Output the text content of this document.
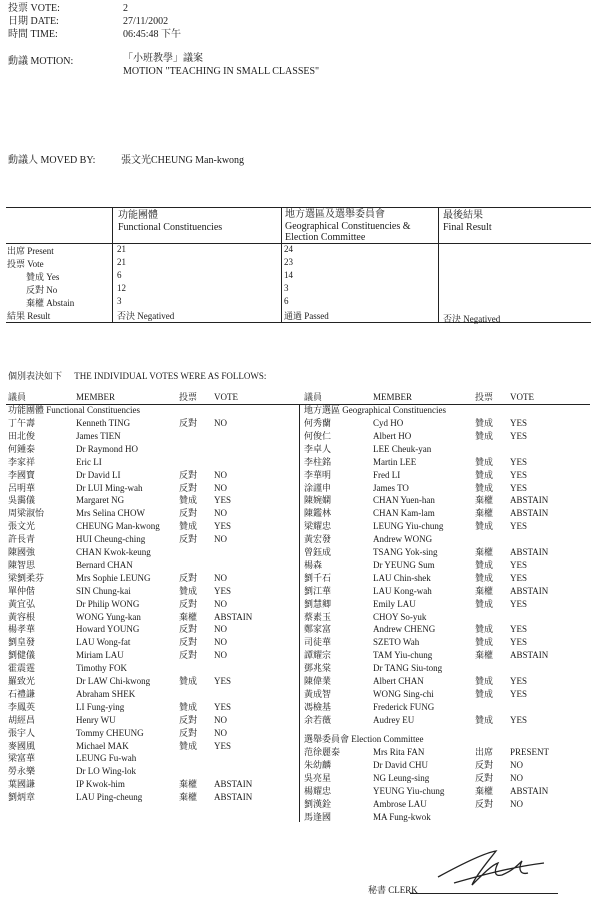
投票 VOTE:	2
日期 DATE:	27/11/2002
時間 TIME:	06:45:48 下午
動議 MOTION:	「小班教學」議案
MOTION "TEACHING IN SMALL CLASSES"
動議人 MOVED BY:	張文光CHEUNG Man-kwong
功能團體
Functional Constituencies
地方選區及選舉委員會
Geographical Constituencies &
Election Committee
最後結果
Final Result
出席 Present	21	24
投票 Vote	21	23
贊成 Yes	6	14
反對 No	12	3
棄權 Abstain	3	6
結果 Result	否決 Negatived	通過 Passed	否決 Negatived
個別表決如下 THE INDIVIDUAL VOTES WERE AS FOLLOWS:
議員	MEMBER	投票 VOTE	議員	MEMBER	投票 VOTE
功能團體 Functional Constituencies	地方選區 Geographical Constituencies
選舉委員會 Election Committee
丁午壽	Kenneth TING	反對 NO
田北俊	James TIEN
何鍾泰	Dr Raymond HO
李家祥	Eric LI
李國寶	Dr David LI	反對 NO
呂明華	Dr LUI Ming-wah	反對 NO
吳靄儀	Margaret NG	贊成 YES
周梁淑怡	Mrs Selina CHOW	反對 NO
張文光	CHEUNG Man-kwong 贊成 YES
許長青	HUI Cheung-ching	反對 NO
陳國強	CHAN Kwok-keung
陳智思	Bernard CHAN
梁劉柔芬	Mrs Sophie LEUNG	反對 NO
單仲偕	SIN Chung-kai	贊成 YES
黃宜弘	Dr Philip WONG	反對 NO
黃容根	WONG Yung-kan	棄權 ABSTAIN
楊孝華	Howard YOUNG	反對 NO
劉皇發	LAU Wong-fat	反對 NO
劉健儀	Miriam LAU	反對 NO
霍震霆	Timothy FOK
羅致光	Dr LAW Chi-kwong	贊成 YES
石禮謙	Abraham SHEK
李鳳英	LI Fung-ying	贊成 YES
胡經昌	Henry WU	反對 NO
張宇人	Tommy CHEUNG	反對 NO
麥國風	Michael MAK	贊成 YES
梁富華	LEUNG Fu-wah
勞永樂	Dr LO Wing-lok
葉國謙	IP Kwok-him	棄權 ABSTAIN
劉炳章	LAU Ping-cheung	棄權 ABSTAIN
何秀蘭	Cyd HO	贊成 YES
何俊仁	Albert HO	贊成 YES
李卓人	LEE Cheuk-yan
李柱銘	Martin LEE	贊成 YES
李華明	Fred LI	贊成 YES
涂謹申	James TO	贊成 YES
陳婉嫻	CHAN Yuen-han	棄權 ABSTAIN
陳鑑林	CHAN Kam-lam	棄權 ABSTAIN
梁耀忠	LEUNG Yiu-chung	贊成 YES
黃宏發	Andrew WONG
曾鈺成	TSANG Yok-sing	棄權 ABSTAIN
楊森	Dr YEUNG Sum	贊成 YES
劉千石	LAU Chin-shek	贊成 YES
劉江華	LAU Kong-wah	棄權 ABSTAIN
劉慧卿	Emily LAU	贊成 YES
蔡素玉	CHOY So-yuk
鄭家富	Andrew CHENG	贊成 YES
司徒華	SZETO Wah	贊成 YES
譚耀宗	TAM Yiu-chung	棄權 ABSTAIN
鄧兆棠	Dr TANG Siu-tong
陳偉業	Albert CHAN	贊成 YES
黃成智	WONG Sing-chi	贊成 YES
馮檢基	Frederick FUNG
余若薇	Audrey EU	贊成 YES
范徐麗泰	Mrs Rita FAN	出席 PRESENT
朱幼麟	Dr David CHU	反對 NO
吳亮星	NG Leung-sing	反對 NO
楊耀忠	YEUNG Yiu-chung	棄權 ABSTAIN
劉漢銓	Ambrose LAU	反對 NO
馬逢國	MA Fung-kwok
秘書 CLERK
